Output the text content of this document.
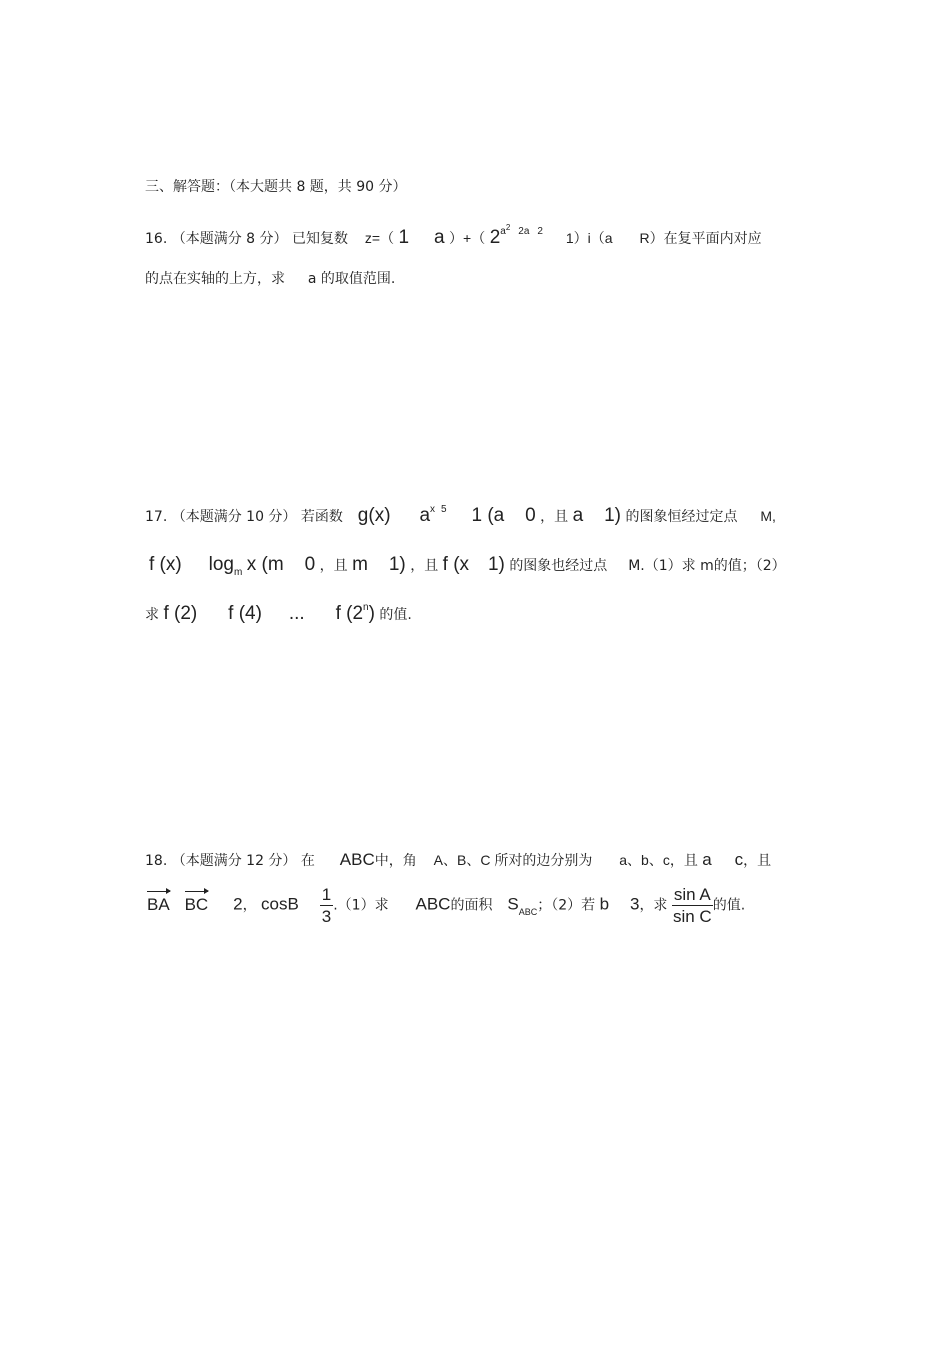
三、解答题：（本大题共 8 题，共 90 分）
16. （本题满分 8 分） 已知复数 z=（ 1 a ）+（ $2^{a2}$ $^{2a}$ $^2$ 1）i（a R）在复平面内对应
的点在实轴的上方，求 a 的取值范围.
17. （本题满分 10 分） 若函数 g(x) $a^x$ $^5$ 1 (a 0 ，且 a 1) 的图象恒经过定点 M,
f (x) $\log_m x$ (m 0 ，且 m 1) ，且 f (x 1) 的图象也经过点 M.（1）求 m的值；（2）
求 f (2) f (4) ... f (2$^n$) 的值.
18. （本题满分 12 分） 在 ABC中，角 A、B、C 所对的边分别为 a、b、c，且 a c，且
BA BC 2， cosB $\frac{1}{3} .(1)$求 ABC的面积 $S_{ABC}$；（2）若 b 3，求 $\frac{\text{sin A}}{\text{sin C}}$ 的值.
